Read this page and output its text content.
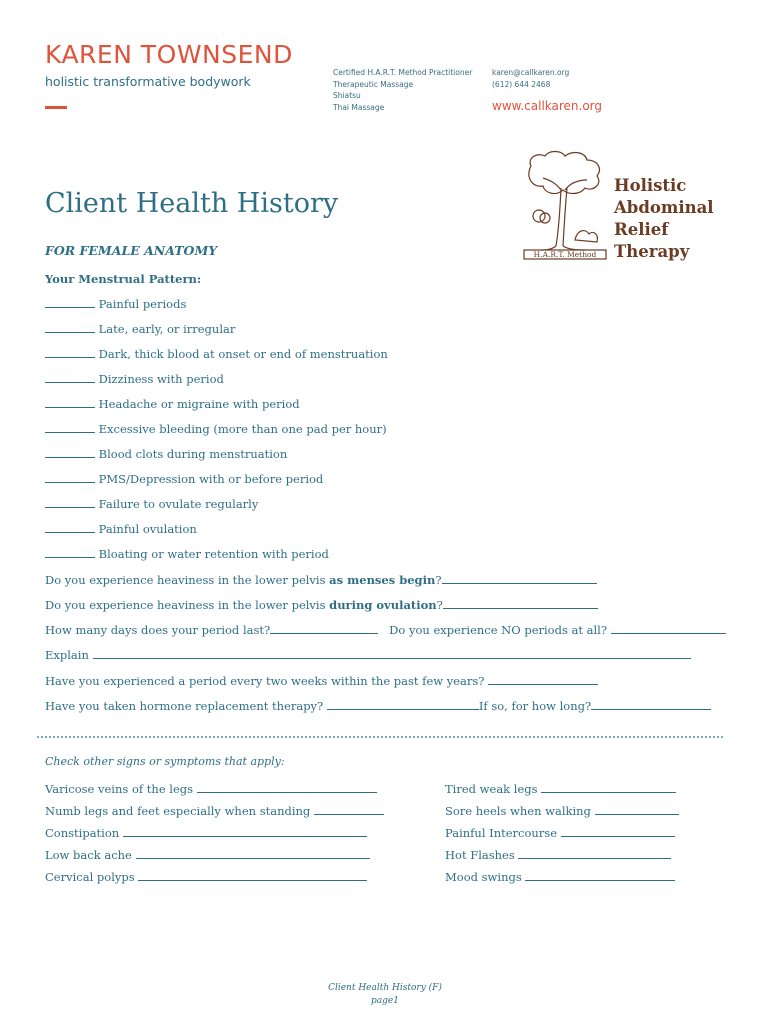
KAREN TOWNSEND
holistic transformative bodywork
Certified H.A.R.T. Method Practitioner
Therapeutic Massage
Shiatsu
Thai Massage
karen@callkaren.org
(612) 644 2468
www.callkaren.org
H.A.R.T. Method
Holistic
Abdominal
Relief
Therapy
Client Health History
FOR FEMALE ANATOMY
Your Menstrual Pattern:
Painful periods
Late, early, or irregular
Dark, thick blood at onset or end of menstruation
Dizziness with period
Headache or migraine with period
Excessive bleeding (more than one pad per hour)
Blood clots during menstruation
PMS/Depression with or before period
Failure to ovulate regularly
Painful ovulation
Bloating or water retention with period
Do you experience heaviness in the lower pelvis as menses begin?
Do you experience heaviness in the lower pelvis during ovulation?
How many days does your period last?	Do you experience NO periods at all?
Explain
Have you experienced a period every two weeks within the past few years?
Have you taken hormone replacement therapy?	If so, for how long?
Check other signs or symptoms that apply:
Varicose veins of the legs
Numb legs and feet especially when standing
Constipation
Low back ache
Cervical polyps
Tired weak legs
Sore heels when walking
Painful Intercourse
Hot Flashes
Mood swings
Client Health History (F)
page1
